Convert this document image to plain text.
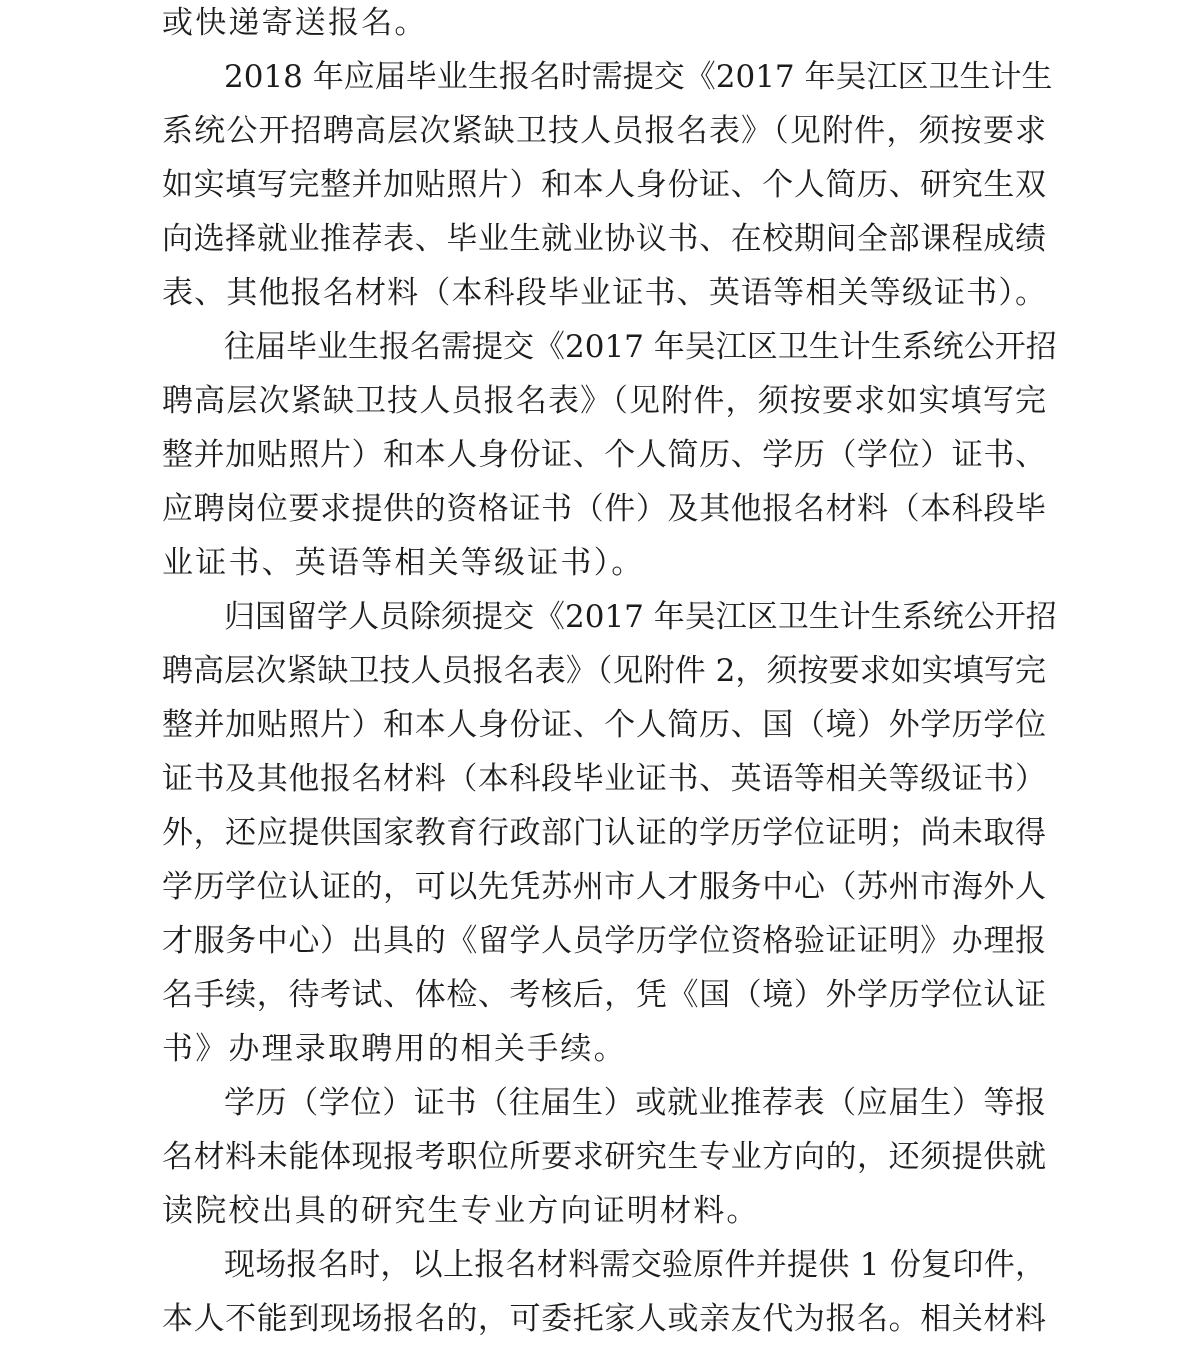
或快递寄送报名。
2018 年应届毕业生报名时需提交《2017 年吴江区卫生计生
系统公开招聘高层次紧缺卫技人员报名表》（见附件，须按要求
如实填写完整并加贴照片）和本人身份证、个人简历、研究生双
向选择就业推荐表、毕业生就业协议书、在校期间全部课程成绩
表、其他报名材料（本科段毕业证书、英语等相关等级证书）。
往届毕业生报名需提交《2017 年吴江区卫生计生系统公开招
聘高层次紧缺卫技人员报名表》（见附件，须按要求如实填写完
整并加贴照片）和本人身份证、个人简历、学历（学位）证书、
应聘岗位要求提供的资格证书（件）及其他报名材料（本科段毕
业证书、英语等相关等级证书）。
归国留学人员除须提交《2017 年吴江区卫生计生系统公开招
聘高层次紧缺卫技人员报名表》（见附件 2，须按要求如实填写完
整并加贴照片）和本人身份证、个人简历、国（境）外学历学位
证书及其他报名材料（本科段毕业证书、英语等相关等级证书）
外，还应提供国家教育行政部门认证的学历学位证明；尚未取得
学历学位认证的，可以先凭苏州市人才服务中心（苏州市海外人
才服务中心）出具的《留学人员学历学位资格验证证明》办理报
名手续，待考试、体检、考核后，凭《国（境）外学历学位认证
书》办理录取聘用的相关手续。
学历（学位）证书（往届生）或就业推荐表（应届生）等报
名材料未能体现报考职位所要求研究生专业方向的，还须提供就
读院校出具的研究生专业方向证明材料。
现场报名时，以上报名材料需交验原件并提供 1 份复印件，
本人不能到现场报名的，可委托家人或亲友代为报名。相关材料
